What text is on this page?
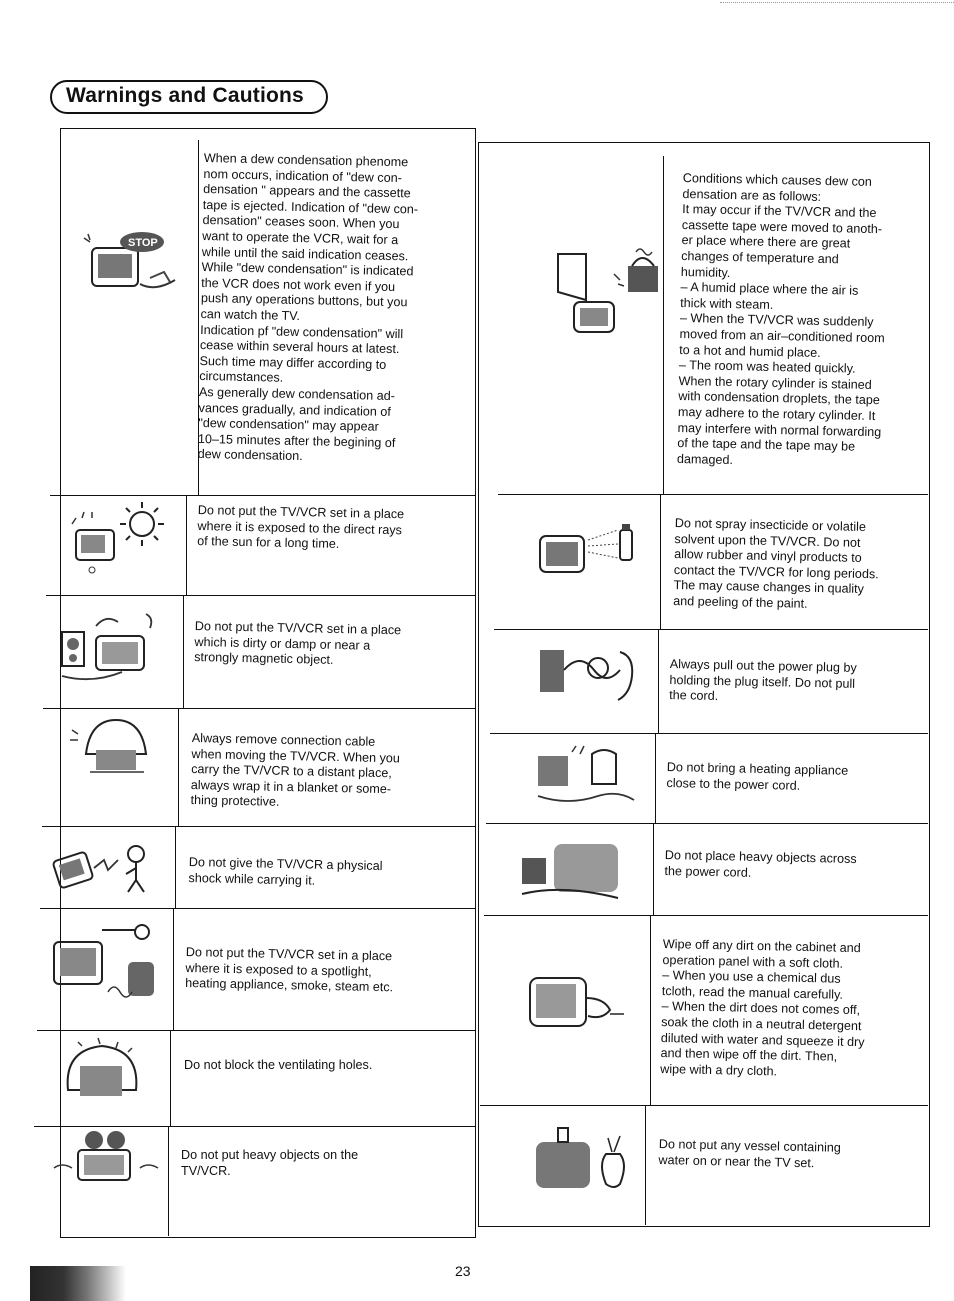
Warnings and Cautions
STOP
When a dew condensation phenome
nom occurs, indication of "dew con-
densation " appears and the cassette
tape is ejected. Indication of "dew con-
densation" ceases soon. When you
want to operate the VCR, wait for a
while until the said indication ceases.
While "dew condensation" is indicated
the VCR does not work even if you
push any operations buttons, but you
can watch the TV.
Indication pf "dew condensation" will
cease within several hours at latest.
Such time may differ according to
circumstances.
As generally dew condensation ad-
vances gradually, and indication of
"dew condensation" may appear
10–15 minutes after the begining of
dew condensation.
Do not put the TV/VCR set in a place
where it is exposed to the direct rays
of the sun for a long time.
Do not put the TV/VCR set in a place
which is dirty or damp or near a
strongly magnetic object.
Always remove connection cable
when moving the TV/VCR. When you
carry the TV/VCR to a distant place,
always wrap it in a blanket or some-
thing protective.
Do not give the TV/VCR a physical
shock while carrying it.
Do not put the TV/VCR set in a place
where it is exposed to a spotlight,
heating appliance, smoke, steam etc.
Do not block the ventilating holes.
Do not put heavy objects on the
TV/VCR.
Conditions which causes dew con
densation are as follows:
It may occur if the TV/VCR and the
cassette tape were moved to anoth-
er place where there are great
changes of temperature and
humidity.
– A humid place where the air is
thick with steam.
– When the TV/VCR was suddenly
moved from an air–conditioned room
to a hot and humid place.
– The room was heated quickly.
When the rotary cylinder is stained
with condensation droplets, the tape
may adhere to the rotary cylinder. It
may interfere with normal forwarding
of the tape and the tape may be
damaged.
Do not spray insecticide or volatile
solvent upon the TV/VCR. Do not
allow rubber and vinyl products to
contact the TV/VCR for long periods.
The may cause changes in quality
and peeling of the paint.
Always pull out the power plug by
holding the plug itself. Do not pull
the cord.
Do not bring a heating appliance
close to the power cord.
Do not place heavy objects across
the power cord.
Wipe off any dirt on the cabinet and
operation panel with a soft cloth.
– When you use a chemical dus
tcloth, read the manual carefully.
– When the dirt does not comes off,
soak the cloth in a neutral detergent
diluted with water and squeeze it dry
and then wipe off the dirt. Then,
wipe with a dry cloth.
Do not put any vessel containing
water on or near the TV set.
23
